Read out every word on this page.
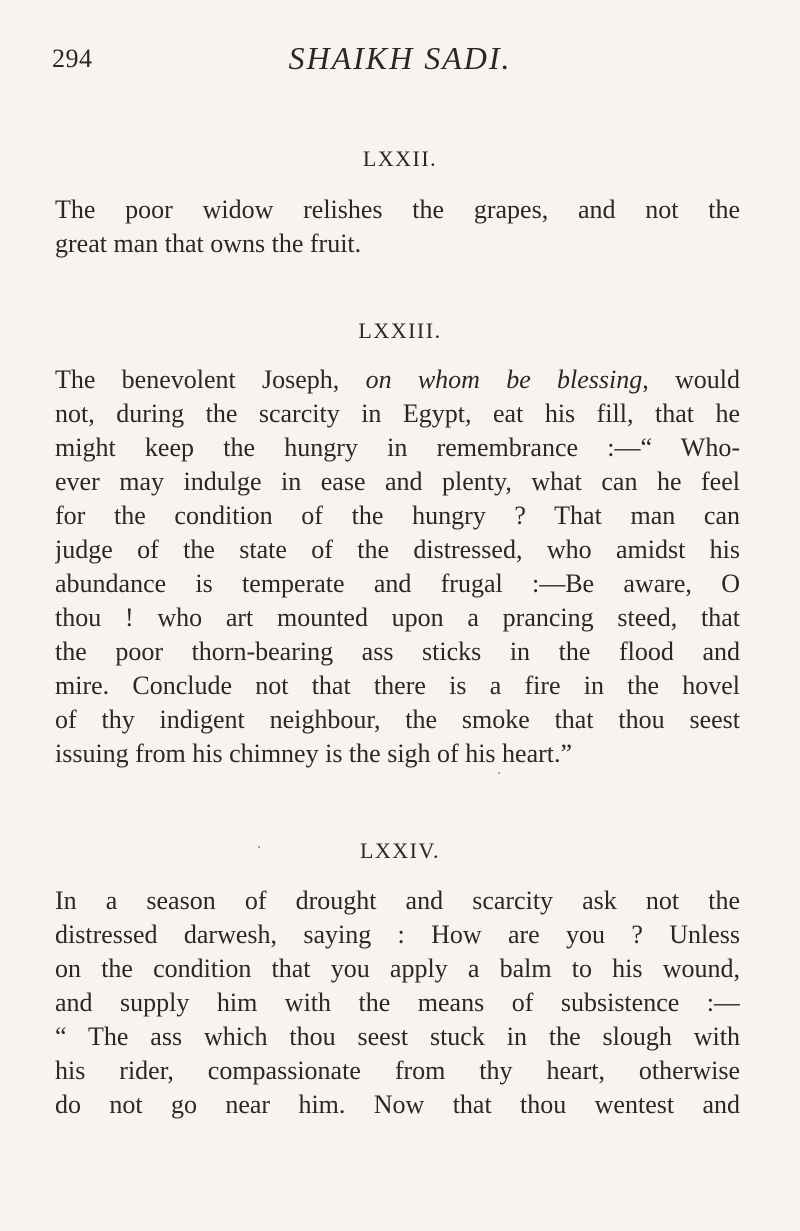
294	SHAIKH SADI.
LXXII.
The poor widow relishes the grapes, and not the
great man that owns the fruit.
LXXIII.
The benevolent Joseph, on whom be blessing, would
not, during the scarcity in Egypt, eat his fill, that he
might keep the hungry in remembrance :—“ Who-
ever may indulge in ease and plenty, what can he feel
for the condition of the hungry ? That man can
judge of the state of the distressed, who amidst his
abundance is temperate and frugal :—Be aware, O
thou ! who art mounted upon a prancing steed, that
the poor thorn-bearing ass sticks in the flood and
mire. Conclude not that there is a fire in the hovel
of thy indigent neighbour, the smoke that thou seest
issuing from his chimney is the sigh of his heart.”
LXXIV.
In a season of drought and scarcity ask not the
distressed darwesh, saying : How are you ? Unless
on the condition that you apply a balm to his wound,
and supply him with the means of subsistence :—
“ The ass which thou seest stuck in the slough with
his rider, compassionate from thy heart, otherwise
do not go near him. Now that thou wentest and
